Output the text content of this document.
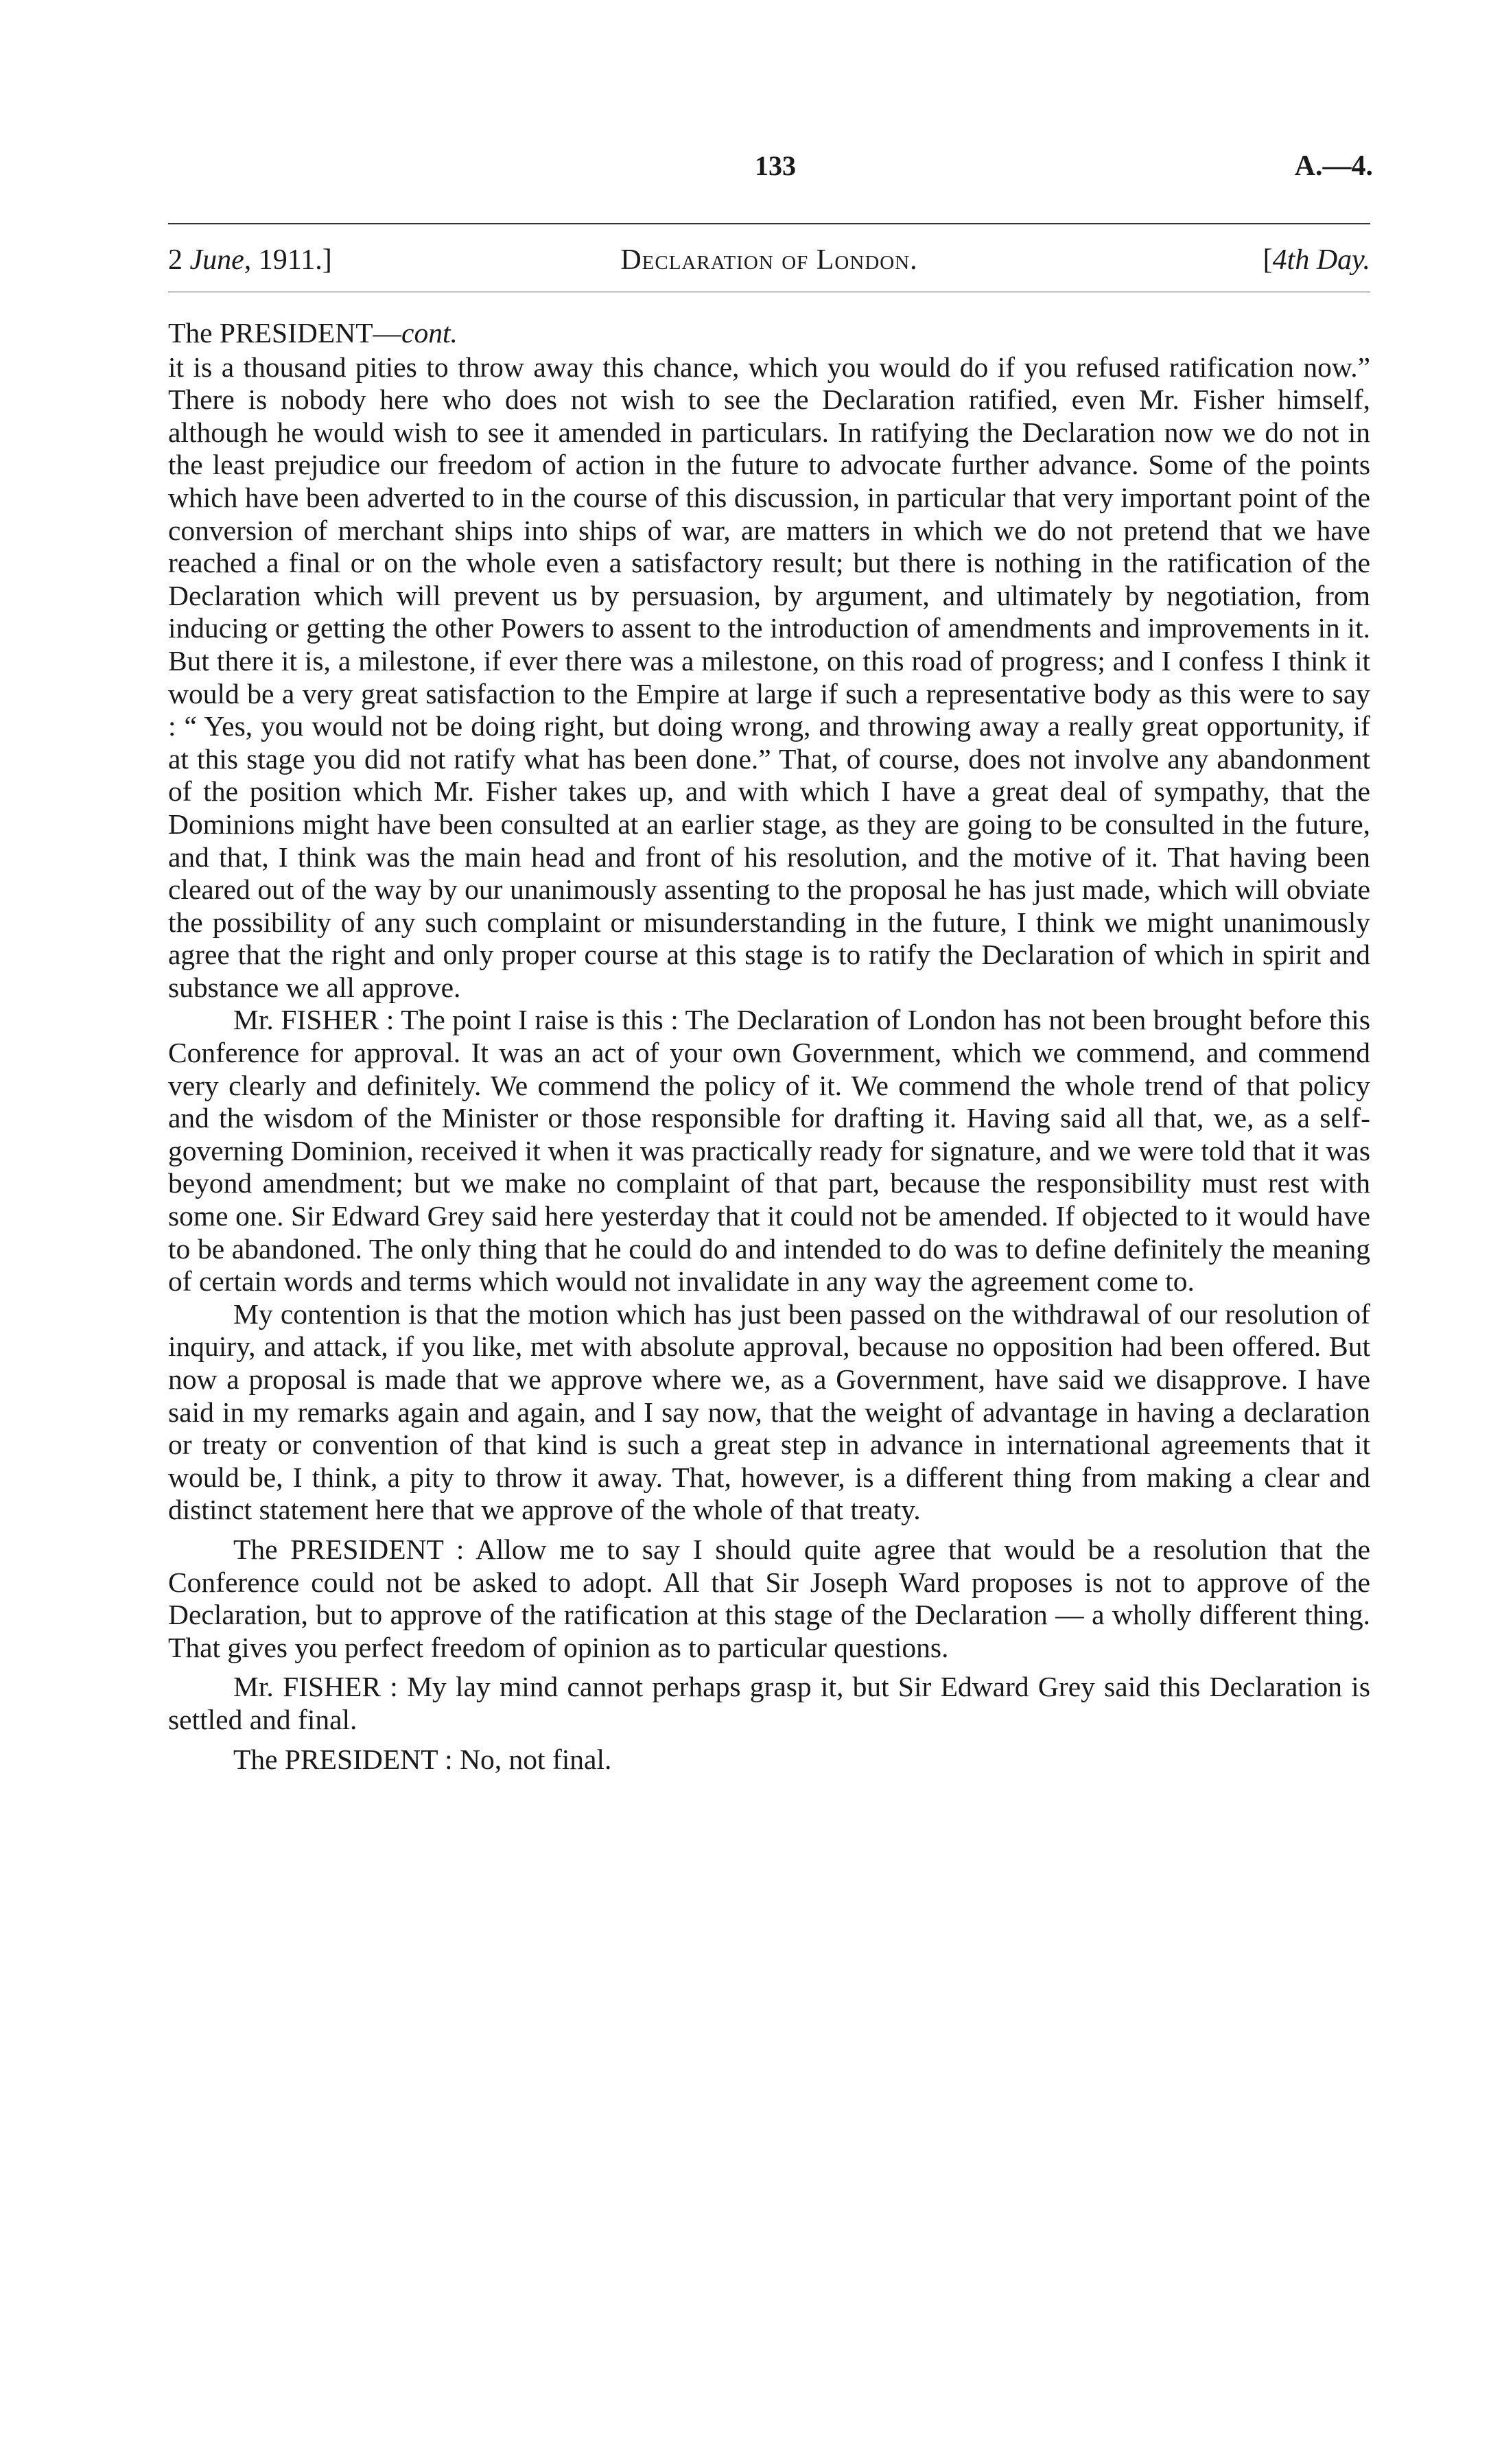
133	A.—4.
2 June, 1911.]	Declaration of London.	[4th Day.

The PRESIDENT—cont.

it is a thousand pities to throw away this chance, which you would do if you refused ratification now.” There is nobody here who does not wish to see the Declaration ratified, even Mr. Fisher himself, although he would wish to see it amended in particulars. In ratifying the Declaration now we do not in the least prejudice our freedom of action in the future to advocate further advance. Some of the points which have been adverted to in the course of this discussion, in particular that very important point of the conversion of merchant ships into ships of war, are matters in which we do not pretend that we have reached a final or on the whole even a satisfactory result; but there is nothing in the ratification of the Declaration which will prevent us by persuasion, by argument, and ultimately by negotiation, from inducing or getting the other Powers to assent to the introduction of amendments and improvements in it. But there it is, a milestone, if ever there was a milestone, on this road of progress; and I confess I think it would be a very great satisfaction to the Empire at large if such a representative body as this were to say : “ Yes, you would not be doing right, but doing wrong, and throwing away a really great opportunity, if at this stage you did not ratify what has been done.” That, of course, does not involve any abandonment of the position which Mr. Fisher takes up, and with which I have a great deal of sympathy, that the Dominions might have been consulted at an earlier stage, as they are going to be consulted in the future, and that, I think was the main head and front of his resolution, and the motive of it. That having been cleared out of the way by our unanimously assenting to the proposal he has just made, which will obviate the possibility of any such complaint or misunderstanding in the future, I think we might unanimously agree that the right and only proper course at this stage is to ratify the Declaration of which in spirit and substance we all approve.

Mr. FISHER : The point I raise is this : The Declaration of London has not been brought before this Conference for approval. It was an act of your own Government, which we commend, and commend very clearly and definitely. We commend the policy of it. We commend the whole trend of that policy and the wisdom of the Minister or those responsible for drafting it. Having said all that, we, as a self-governing Dominion, received it when it was practically ready for signature, and we were told that it was beyond amendment; but we make no complaint of that part, because the responsibility must rest with some one. Sir Edward Grey said here yesterday that it could not be amended. If objected to it would have to be abandoned. The only thing that he could do and intended to do was to define definitely the meaning of certain words and terms which would not invalidate in any way the agreement come to.

My contention is that the motion which has just been passed on the withdrawal of our resolution of inquiry, and attack, if you like, met with absolute approval, because no opposition had been offered. But now a proposal is made that we approve where we, as a Government, have said we disapprove. I have said in my remarks again and again, and I say now, that the weight of advantage in having a declaration or treaty or convention of that kind is such a great step in advance in international agreements that it would be, I think, a pity to throw it away. That, however, is a different thing from making a clear and distinct statement here that we approve of the whole of that treaty.

The PRESIDENT : Allow me to say I should quite agree that would be a resolution that the Conference could not be asked to adopt. All that Sir Joseph Ward proposes is not to approve of the Declaration, but to approve of the ratification at this stage of the Declaration — a wholly different thing. That gives you perfect freedom of opinion as to particular questions.

Mr. FISHER : My lay mind cannot perhaps grasp it, but Sir Edward Grey said this Declaration is settled and final.

The PRESIDENT : No, not final.
